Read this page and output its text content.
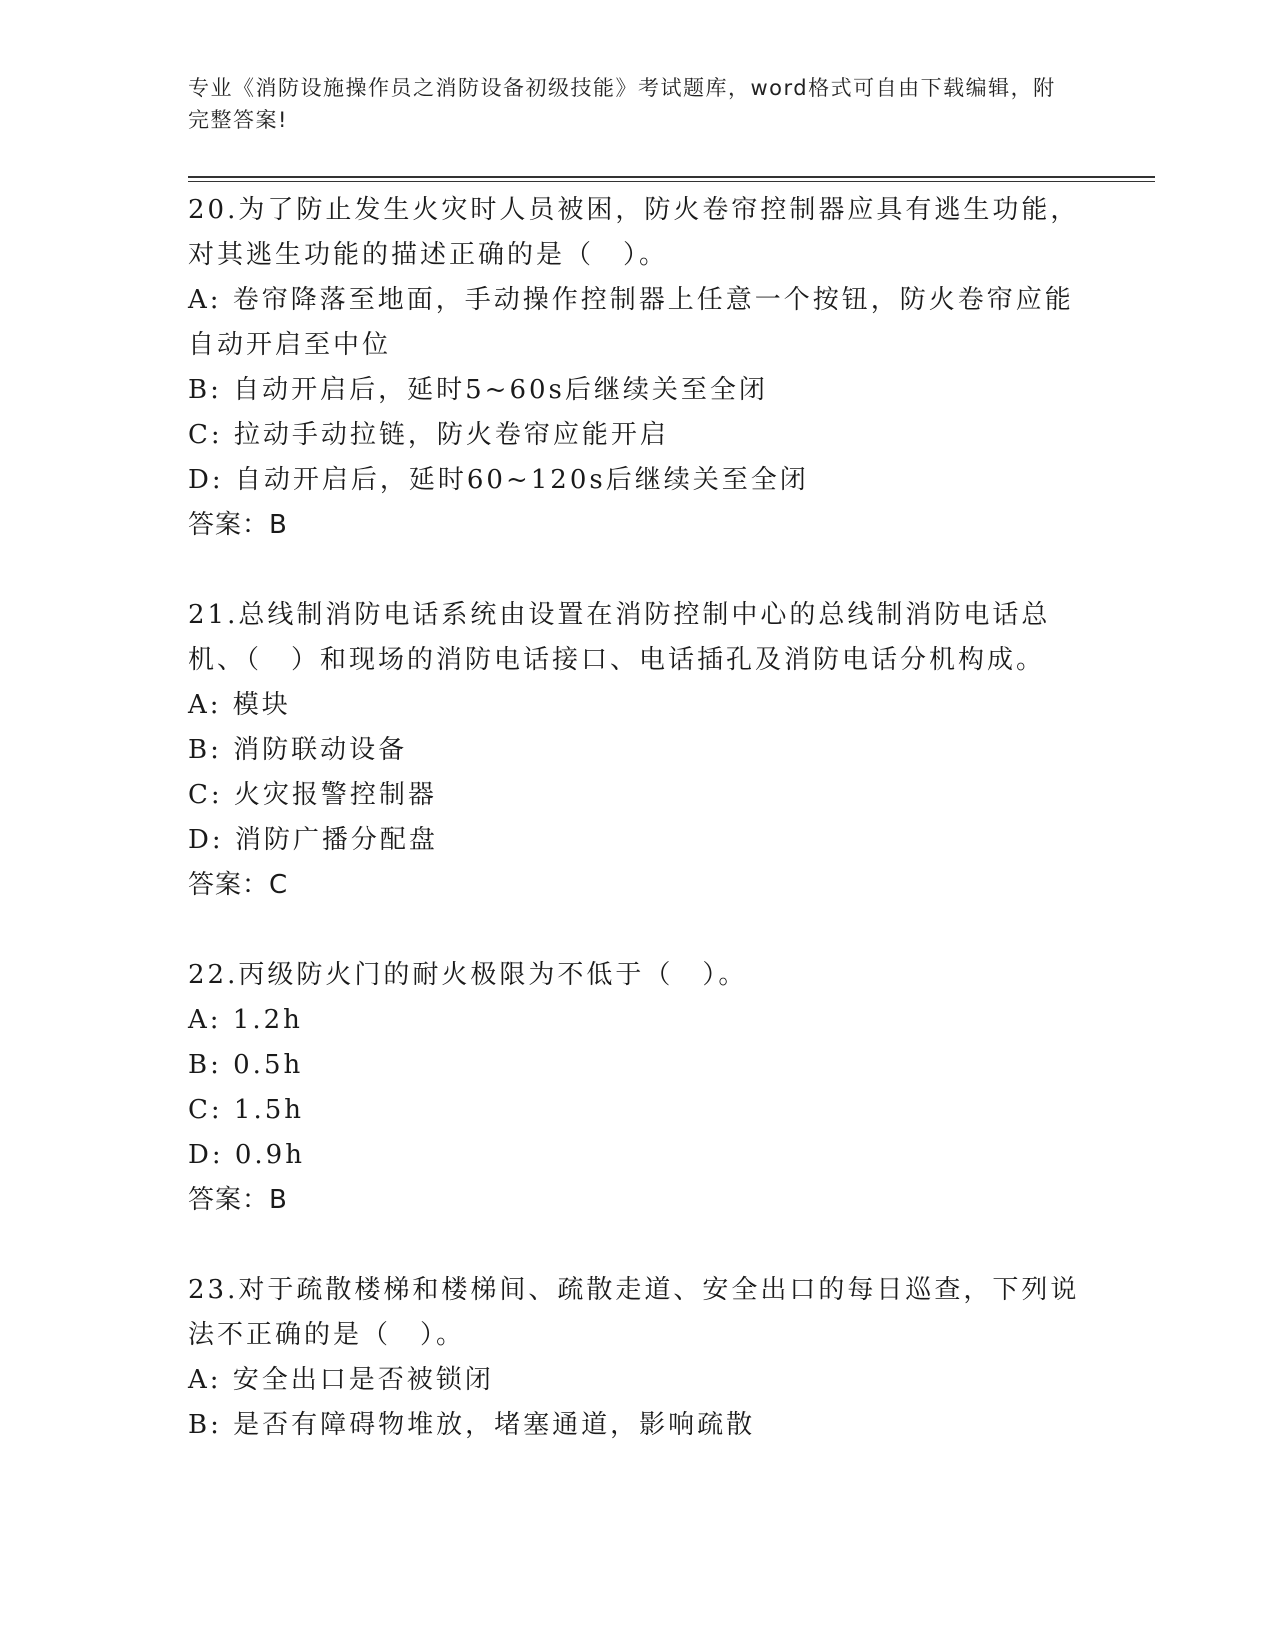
专业《消防设施操作员之消防设备初级技能》考试题库，word格式可自由下载编辑，附完整答案!

20.为了防止发生火灾时人员被困，防火卷帘控制器应具有逃生功能，对其逃生功能的描述正确的是（　）。

A: 卷帘降落至地面，手动操作控制器上任意一个按钮，防火卷帘应能自动开启至中位
B: 自动开启后，延时5~60s后继续关至全闭
C: 拉动手动拉链，防火卷帘应能开启
D: 自动开启后，延时60~120s后继续关至全闭

答案：B

21.总线制消防电话系统由设置在消防控制中心的总线制消防电话总机、（　）和现场的消防电话接口、电话插孔及消防电话分机构成。

A: 模块
B: 消防联动设备
C: 火灾报警控制器
D: 消防广播分配盘

答案：C

22.丙级防火门的耐火极限为不低于（　）。

A: 1.2h
B: 0.5h
C: 1.5h
D: 0.9h

答案：B

23.对于疏散楼梯和楼梯间、疏散走道、安全出口的每日巡查，下列说法不正确的是（　）。

A: 安全出口是否被锁闭
B: 是否有障碍物堆放，堵塞通道，影响疏散
